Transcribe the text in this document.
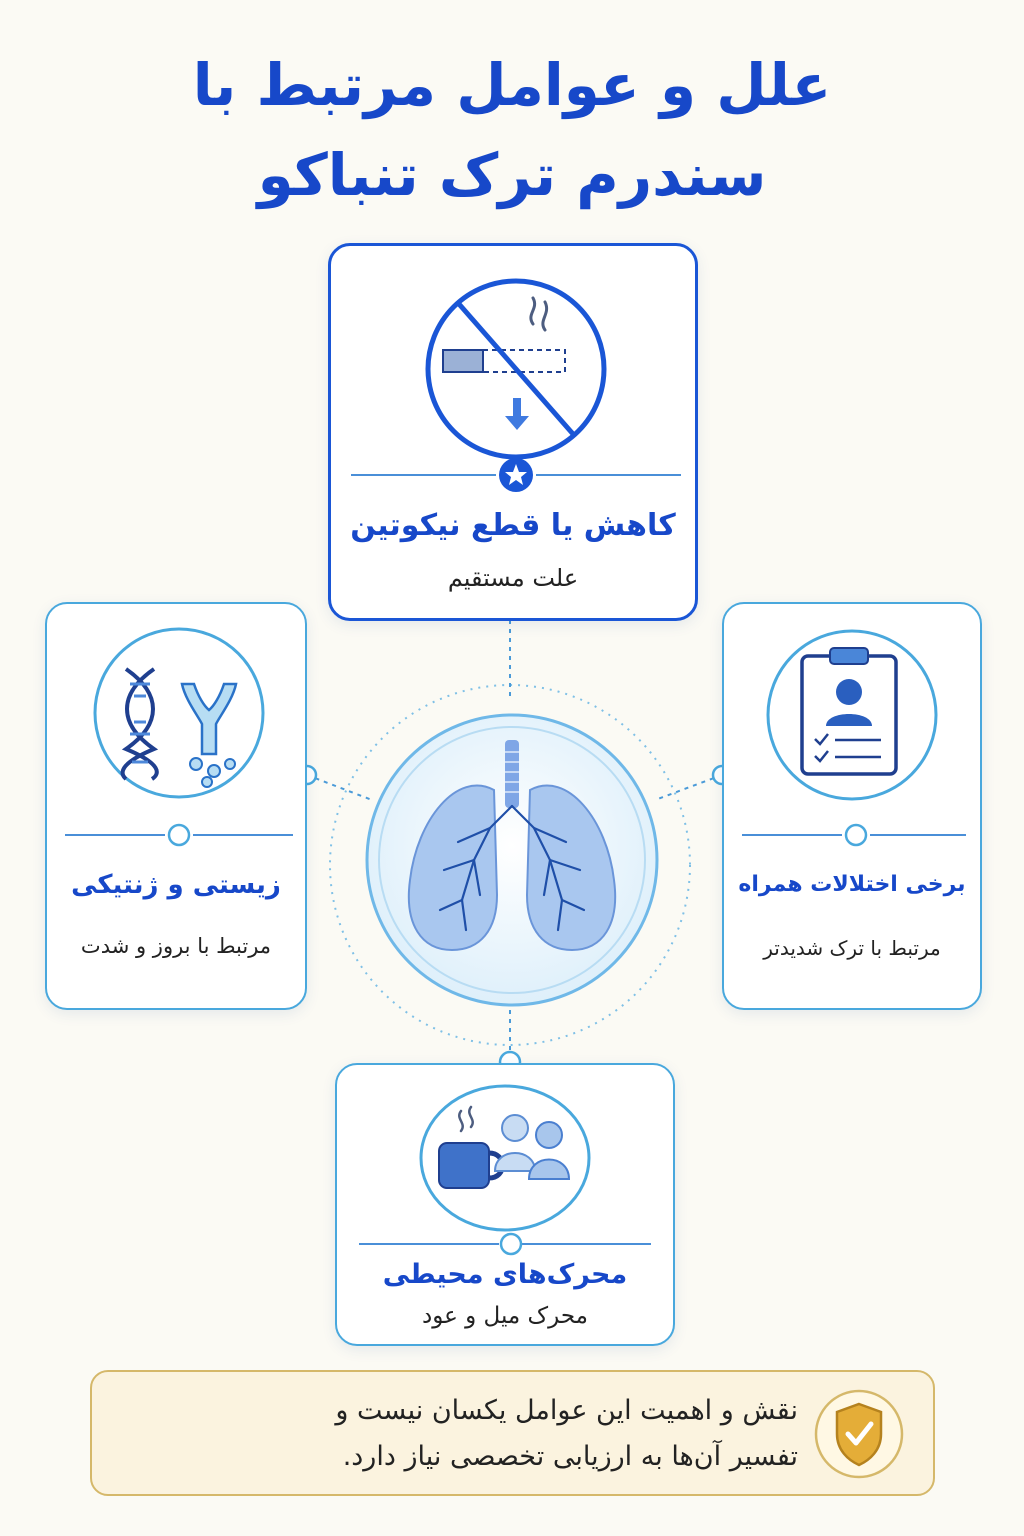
علل و عوامل مرتبط با
سندرم ترک تنباکو
کاهش یا قطع نیکوتین
علت مستقیم
زیستی و ژنتیکی
مرتبط با بروز و شدت
برخی اختلالات همراه
مرتبط با ترک شدیدتر
محرک‌های محیطی
محرک میل و عود
نقش و اهمیت این عوامل یکسان نیست و
تفسیر آن‌ها به ارزیابی تخصصی نیاز دارد.
